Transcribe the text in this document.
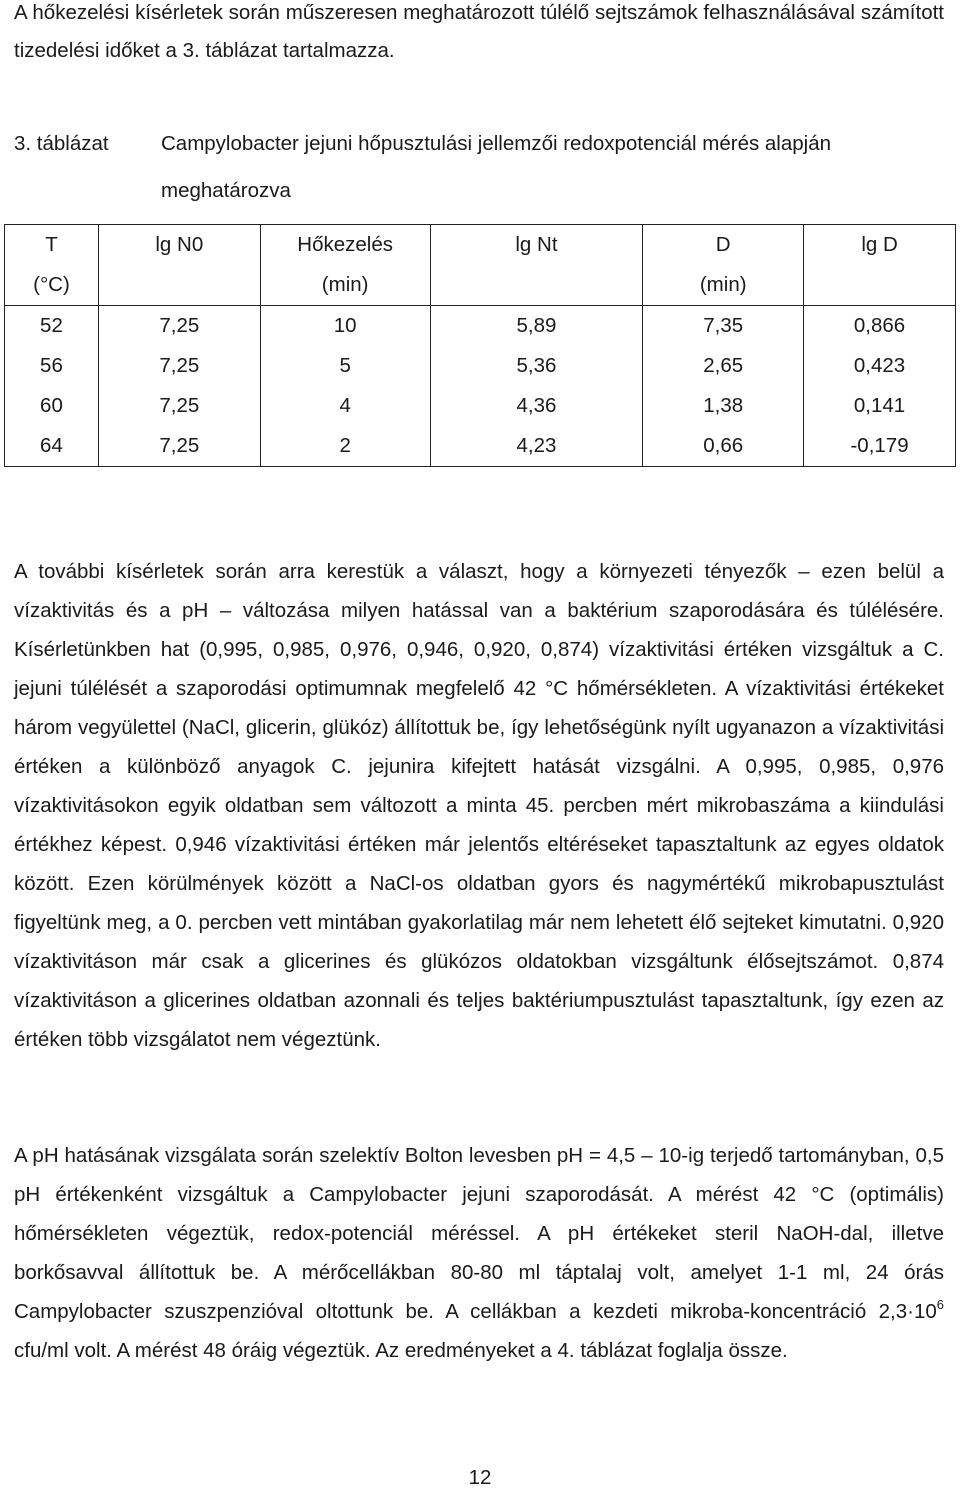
A hőkezelési kísérletek során műszeresen meghatározott túlélő sejtszámok felhasználásával számított tizedelési időket a 3. táblázat tartalmazza.

3. táblázat	Campylobacter jejuni hőpusztulási jellemzői redoxpotenciál mérés alapján meghatározva
T	lg N0	Hőkezelés	lg Nt	D	lg D
(°C)		(min)		(min)	
52	7,25	10	5,89	7,35	0,866
56	7,25	5	5,36	2,65	0,423
60	7,25	4	4,36	1,38	0,141
64	7,25	2	4,23	0,66	-0,179

A további kísérletek során arra kerestük a választ, hogy a környezeti tényezők – ezen belül a vízaktivitás és a pH – változása milyen hatással van a baktérium szaporodására és túlélésére. Kísérletünkben hat (0,995, 0,985, 0,976, 0,946, 0,920, 0,874) vízaktivitási értéken vizsgáltuk a C. jejuni túlélését a szaporodási optimumnak megfelelő 42 °C hőmérsékleten. A vízaktivitási értékeket három vegyülettel (NaCl, glicerin, glükóz) állítottuk be, így lehetőségünk nyílt ugyanazon a vízaktivitási értéken a különböző anyagok C. jejunira kifejtett hatását vizsgálni. A 0,995, 0,985, 0,976 vízaktivitásokon egyik oldatban sem változott a minta 45. percben mért mikrobaszáma a kiindulási értékhez képest. 0,946 vízaktivitási értéken már jelentős eltéréseket tapasztaltunk az egyes oldatok között. Ezen körülmények között a NaCl-os oldatban gyors és nagymértékű mikrobapusztulást figyeltünk meg, a 0. percben vett mintában gyakorlatilag már nem lehetett élő sejteket kimutatni. 0,920 vízaktivitáson már csak a glicerines és glükózos oldatokban vizsgáltunk élősejtszámot. 0,874 vízaktivitáson a glicerines oldatban azonnali és teljes baktériumpusztulást tapasztaltunk, így ezen az értéken több vizsgálatot nem végeztünk.

A pH hatásának vizsgálata során szelektív Bolton levesben pH = 4,5 – 10-ig terjedő tartományban, 0,5 pH értékenként vizsgáltuk a Campylobacter jejuni szaporodását. A mérést 42 °C (optimális) hőmérsékleten végeztük, redox-potenciál méréssel. A pH értékeket steril NaOH-dal, illetve borkősavval állítottuk be. A mérőcellákban 80-80 ml táptalaj volt, amelyet 1-1 ml, 24 órás Campylobacter szuszpenzióval oltottunk be. A cellákban a kezdeti mikroba-koncentráció $2,3\cdot 10^6$ cfu/ml volt. A mérést 48 óráig végeztük. Az eredményeket a 4. táblázat foglalja össze.

12
